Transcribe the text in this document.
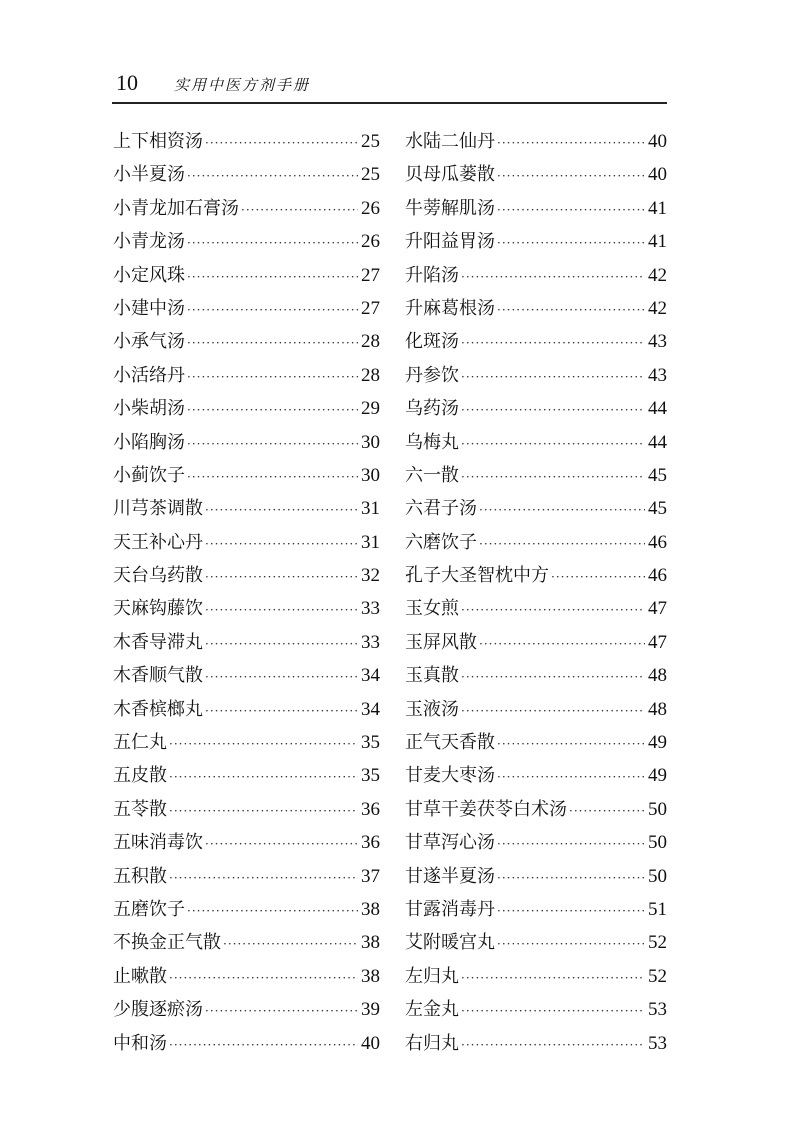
10 实用中医方剂手册
上下相资汤 ·····	25
小半夏汤 ·····	25
小青龙加石膏汤 ·····	26
小青龙汤 ·····	26
小定风珠 ·····	27
小建中汤 ·····	27
小承气汤 ·····	28
小活络丹 ·····	28
小柴胡汤 ·····	29
小陷胸汤 ·····	30
小蓟饮子 ·····	30
川芎茶调散 ·····	31
天王补心丹 ·····	31
天台乌药散 ·····	32
天麻钩藤饮 ·····	33
木香导滞丸 ·····	33
木香顺气散 ·····	34
木香槟榔丸 ·····	34
五仁丸 ·····	35
五皮散 ·····	35
五苓散 ·····	36
五味消毒饮 ·····	36
五积散 ·····	37
五磨饮子 ·····	38
不换金正气散 ·····	38
止嗽散 ·····	38
少腹逐瘀汤 ·····	39
中和汤 ·····	40
水陆二仙丹 ·····	40
贝母瓜蒌散 ·····	40
牛蒡解肌汤 ·····	41
升阳益胃汤 ·····	41
升陷汤 ·····	42
升麻葛根汤 ·····	42
化斑汤 ·····	43
丹参饮 ·····	43
乌药汤 ·····	44
乌梅丸 ·····	44
六一散 ·····	45
六君子汤 ·····	45
六磨饮子 ·····	46
孔子大圣智枕中方 ·····	46
玉女煎 ·····	47
玉屏风散 ·····	47
玉真散 ·····	48
玉液汤 ·····	48
正气天香散 ·····	49
甘麦大枣汤 ·····	49
甘草干姜茯苓白术汤 ·····	50
甘草泻心汤 ·····	50
甘遂半夏汤 ·····	50
甘露消毒丹 ·····	51
艾附暖宫丸 ·····	52
左归丸 ·····	52
左金丸 ·····	53
右归丸 ·····	53
